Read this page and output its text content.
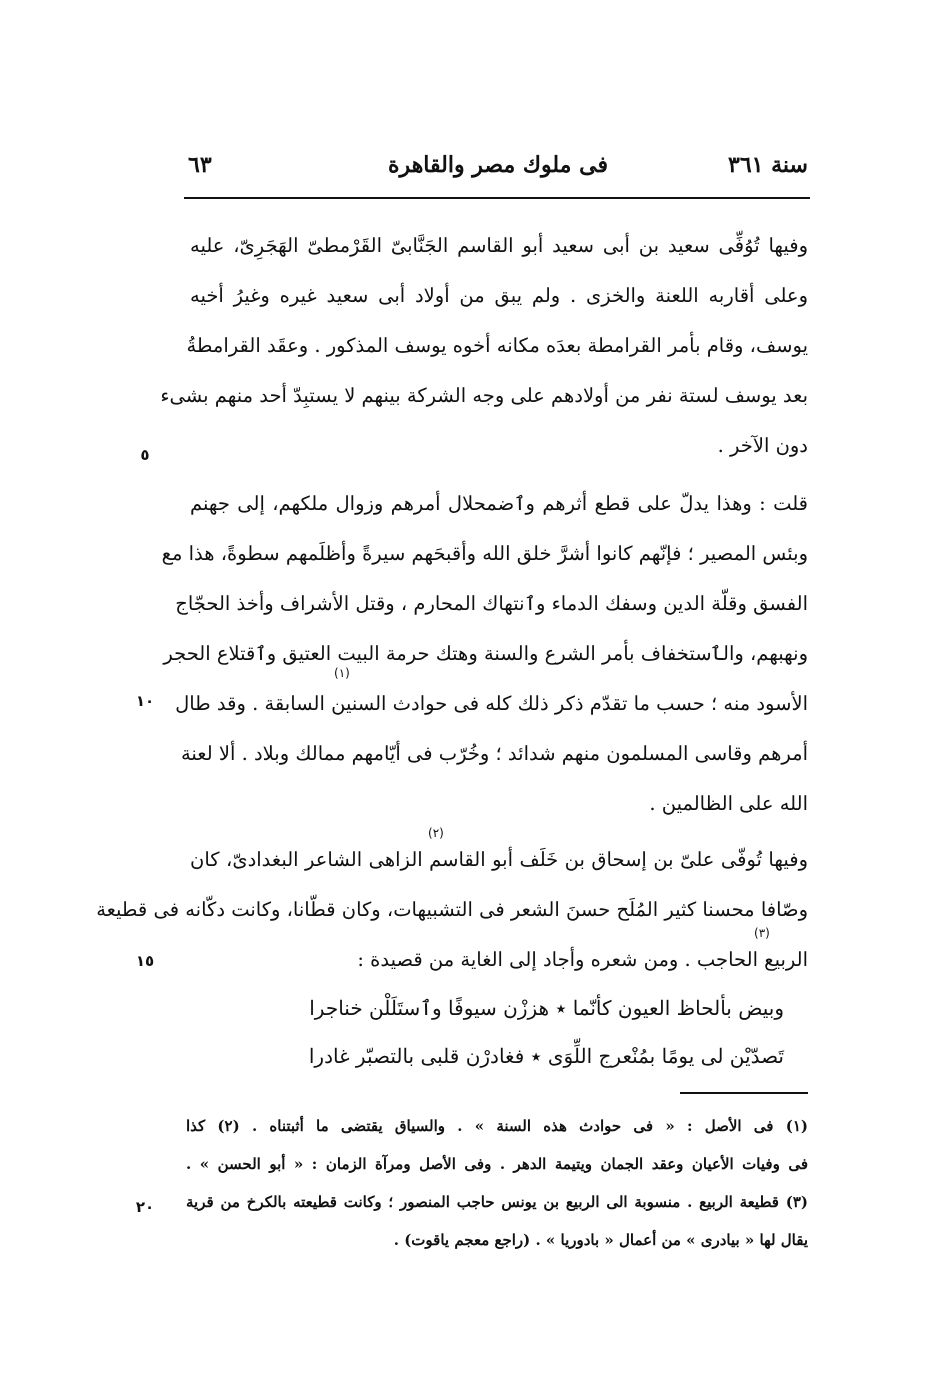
سنة ٣٦١
فى ملوك مصر والقاهرة
٦٣
وفيها تُوُفِّى سعيد بن أبى سعيد أبو القاسم الجَنَّابىّ القَرْمطىّ الهَجَرِىّ، عليه
وعلى أقاربه اللعنة والخزى . ولم يبق من أولاد أبى سعيد غيره وغيرُ أخيه
يوسف، وقام بأمر القرامطة بعدَه مكانه أخوه يوسف المذكور . وعقَد القرامطةُ
بعد يوسف لستة نفر من أولادهم على وجه الشركة بينهم لا يستبِدّ أحد منهم بشىء
دون الآخر .
قلت : وهذا يدلّ على قطع أثرهم وٱضمحلال أمرهم وزوال ملكهم، إلى جهنم
وبئس المصير ؛ فإنّهم كانوا أشرَّ خلق الله وأقبحَهم سيرةً وأظلَمهم سطوةً، هذا مع
الفسق وقلّة الدين وسفك الدماء وٱنتهاك المحارم ، وقتل الأشراف وأخذ الحجّاج
ونهبهم، والٱستخفاف بأمر الشرع والسنة وهتك حرمة البيت العتيق وٱقتلاع الحجر
الأسود منه ؛ حسب ما تقدّم ذكر ذلك كله فى حوادث السنين السابقة . وقد طال
أمرهم وقاسى المسلمون منهم شدائد ؛ وخُرّب فى أيّامهم ممالك وبلاد . ألا لعنة
الله على الظالمين .
وفيها تُوفّى علىّ بن إسحاق بن خَلَف أبو القاسم الزاهى الشاعر البغدادىّ، كان
وصّافا محسنا كثير المُلَح حسنَ الشعر فى التشبيهات، وكان قطّانا، وكانت دكّانه فى قطيعة
الربيع الحاجب . ومن شعره وأجاد إلى الغاية من قصيدة :
وبيض بألحاظ العيون كأنّما ٭ هززْن سيوفًا وٱستَلَلْن خناجرا
تَصدّيْن لى يومًا بمُنْعرج اللِّوَى ٭ فغادرْن قلبى بالتصبّر غادرا
(١)
(٢)
(٣)
٥
١٠
١٥
٢٠
(١) فى الأصل : « فى حوادث هذه السنة » . والسياق يقتضى ما أثبتناه . (٢) كذا
فى وفيات الأعيان وعقد الجمان ويتيمة الدهر . وفى الأصل ومرآة الزمان : « أبو الحسن » .
(٣) قطيعة الربيع . منسوبة الى الربيع بن يونس حاجب المنصور ؛ وكانت قطيعته بالكرخ من قرية
يقال لها « بيادرى » من أعمال « بادوريا » . (راجع معجم ياقوت) .
